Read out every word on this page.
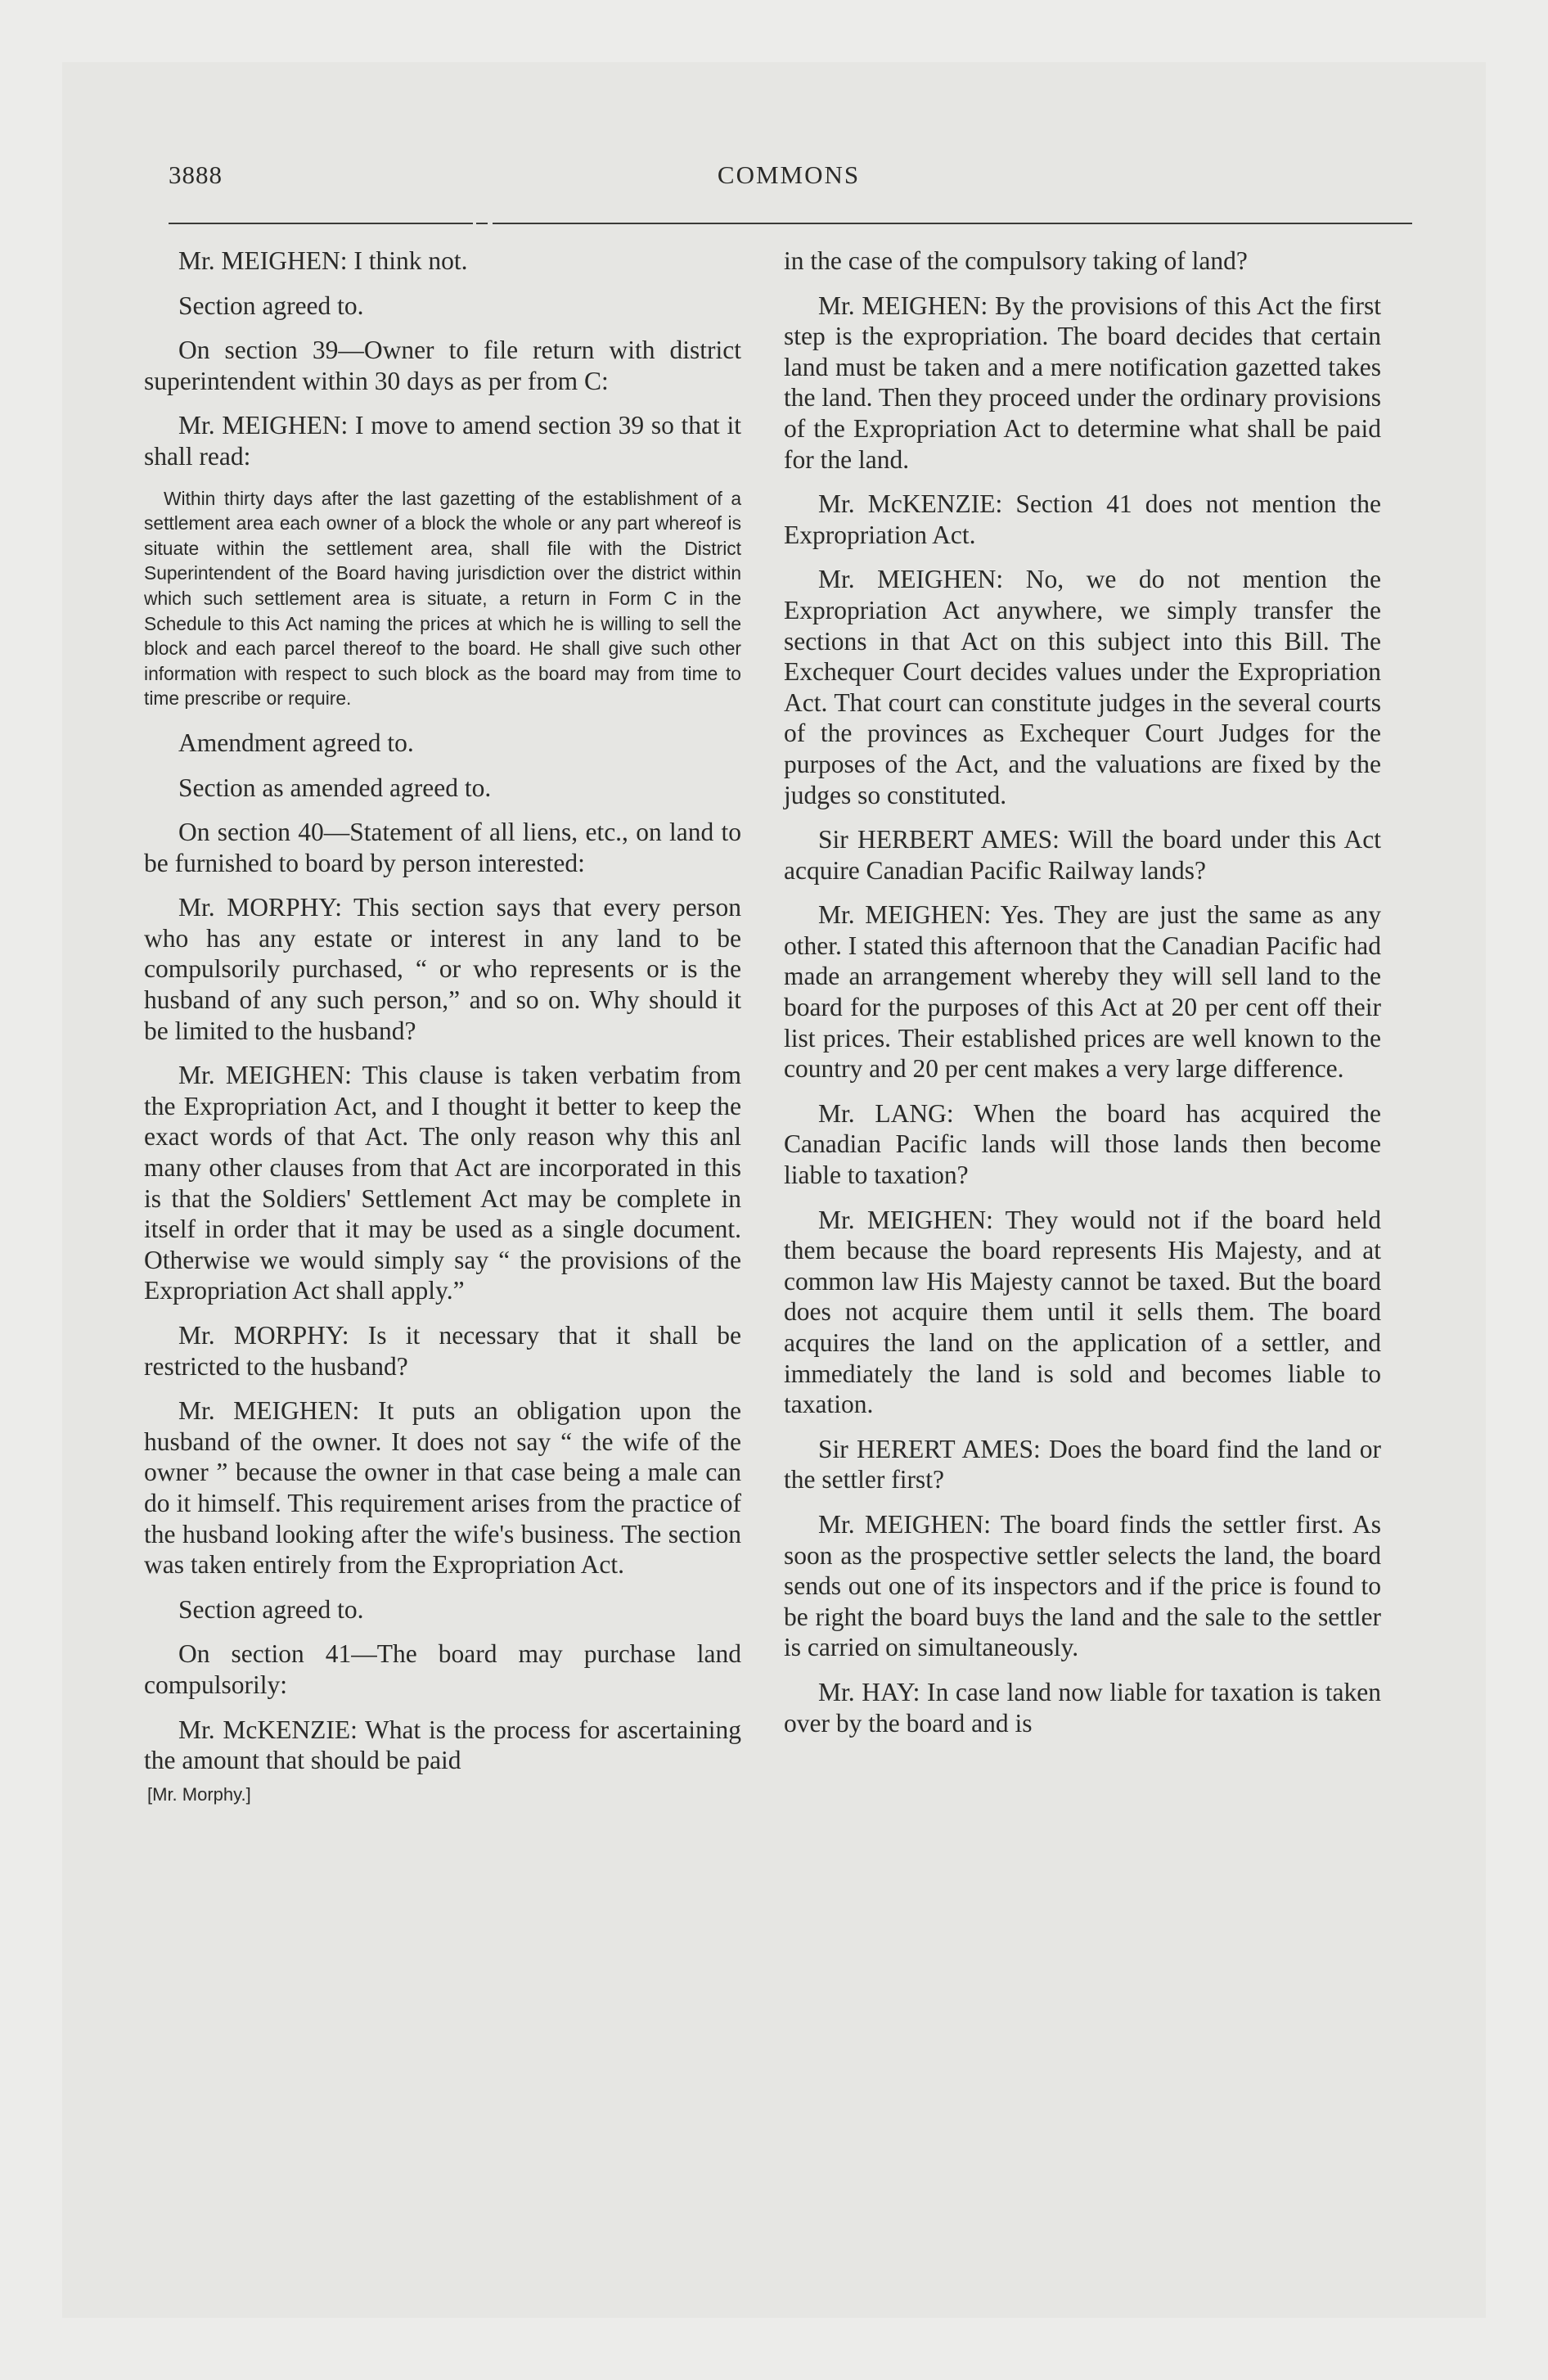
3888	COMMONS

Mr. MEIGHEN: I think not.

Section agreed to.

On section 39—Owner to file return with district superintendent within 30 days as per from C:

Mr. MEIGHEN: I move to amend section 39 so that it shall read:

Within thirty days after the last gazetting of the establishment of a settlement area each owner of a block the whole or any part whereof is situate within the settlement area, shall file with the District Superintendent of the Board having jurisdiction over the district within which such settlement area is situate, a return in Form C in the Schedule to this Act naming the prices at which he is willing to sell the block and each parcel thereof to the board. He shall give such other information with respect to such block as the board may from time to time prescribe or require.

Amendment agreed to.

Section as amended agreed to.

On section 40—Statement of all liens, etc., on land to be furnished to board by person interested:

Mr. MORPHY: This section says that every person who has any estate or interest in any land to be compulsorily purchased, “ or who represents or is the husband of any such person,” and so on. Why should it be limited to the husband?

Mr. MEIGHEN: This clause is taken verbatim from the Expropriation Act, and I thought it better to keep the exact words of that Act. The only reason why this anl many other clauses from that Act are incorporated in this is that the Soldiers' Settlement Act may be complete in itself in order that it may be used as a single document. Otherwise we would simply say “ the provisions of the Expropriation Act shall apply.”

Mr. MORPHY: Is it necessary that it shall be restricted to the husband?

Mr. MEIGHEN: It puts an obligation upon the husband of the owner. It does not say “ the wife of the owner ” because the owner in that case being a male can do it himself. This requirement arises from the practice of the husband looking after the wife's business. The section was taken entirely from the Expropriation Act.

Section agreed to.

On section 41—The board may purchase land compulsorily:

Mr. McKENZIE: What is the process for ascertaining the amount that should be paid

[Mr. Morphy.]

in the case of the compulsory taking of land?

Mr. MEIGHEN: By the provisions of this Act the first step is the expropriation. The board decides that certain land must be taken and a mere notification gazetted takes the land. Then they proceed under the ordinary provisions of the Expropriation Act to determine what shall be paid for the land.

Mr. McKENZIE: Section 41 does not mention the Expropriation Act.

Mr. MEIGHEN: No, we do not mention the Expropriation Act anywhere, we simply transfer the sections in that Act on this subject into this Bill. The Exchequer Court decides values under the Expropriation Act. That court can constitute judges in the several courts of the provinces as Exchequer Court Judges for the purposes of the Act, and the valuations are fixed by the judges so constituted.

Sir HERBERT AMES: Will the board under this Act acquire Canadian Pacific Railway lands?

Mr. MEIGHEN: Yes. They are just the same as any other. I stated this afternoon that the Canadian Pacific had made an arrangement whereby they will sell land to the board for the purposes of this Act at 20 per cent off their list prices. Their established prices are well known to the country and 20 per cent makes a very large difference.

Mr. LANG: When the board has acquired the Canadian Pacific lands will those lands then become liable to taxation?

Mr. MEIGHEN: They would not if the board held them because the board represents His Majesty, and at common law His Majesty cannot be taxed. But the board does not acquire them until it sells them. The board acquires the land on the application of a settler, and immediately the land is sold and becomes liable to taxation.

Sir HERERT AMES: Does the board find the land or the settler first?

Mr. MEIGHEN: The board finds the settler first. As soon as the prospective settler selects the land, the board sends out one of its inspectors and if the price is found to be right the board buys the land and the sale to the settler is carried on simultaneously.

Mr. HAY: In case land now liable for taxation is taken over by the board and is
